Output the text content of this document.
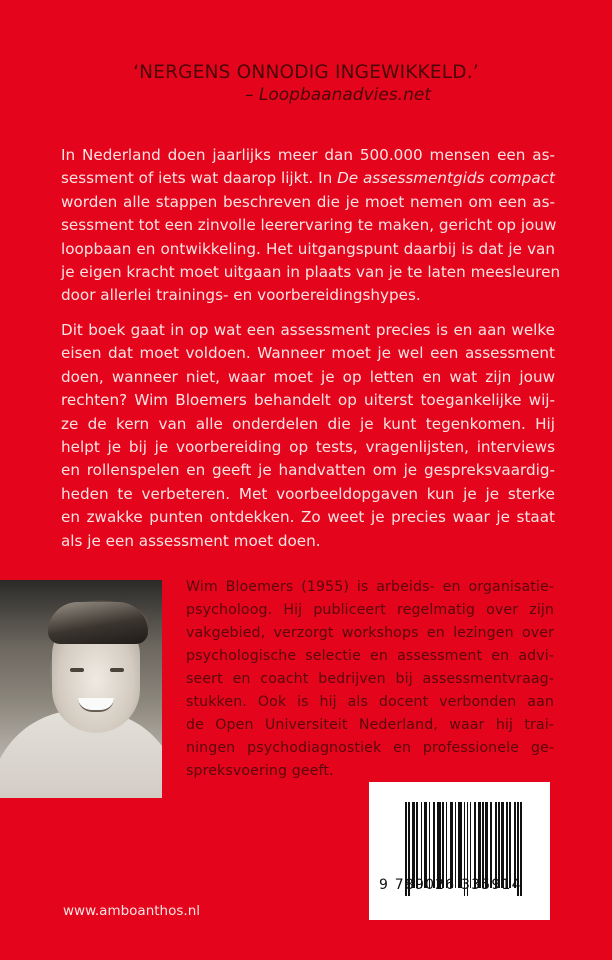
‘NERGENS ONNODIG INGEWIKKELD.’
– Loopbaanadvies.net
In Nederland doen jaarlijks meer dan 500.000 mensen een as-
sessment of iets wat daarop lijkt. In De assessmentgids compact
worden alle stappen beschreven die je moet nemen om een as-
sessment tot een zinvolle leerervaring te maken, gericht op jouw
loopbaan en ontwikkeling. Het uitgangspunt daarbij is dat je van
je eigen kracht moet uitgaan in plaats van je te laten meesleuren
door allerlei trainings- en voorbereidingshypes.
Dit boek gaat in op wat een assessment precies is en aan welke
eisen dat moet voldoen. Wanneer moet je wel een assessment
doen, wanneer niet, waar moet je op letten en wat zijn jouw
rechten? Wim Bloemers behandelt op uiterst toegankelijke wij-
ze de kern van alle onderdelen die je kunt tegenkomen. Hij
helpt je bij je voorbereiding op tests, vragenlijsten, interviews
en rollenspelen en geeft je handvatten om je gespreksvaardig-
heden te verbeteren. Met voorbeeldopgaven kun je je sterke
en zwakke punten ontdekken. Zo weet je precies waar je staat
als je een assessment moet doen.
Wim Bloemers (1955) is arbeids- en organisatie-
psycholoog. Hij publiceert regelmatig over zijn
vakgebied, verzorgt workshops en lezingen over
psychologische selectie en assessment en advi-
seert en coacht bedrijven bij assessmentvraag-
stukken. Ook is hij als docent verbonden aan
de Open Universiteit Nederland, waar hij trai-
ningen psychodiagnostiek en professionele ge-
spreksvoering geeft.
9 789026 335914
www.amboanthos.nl
